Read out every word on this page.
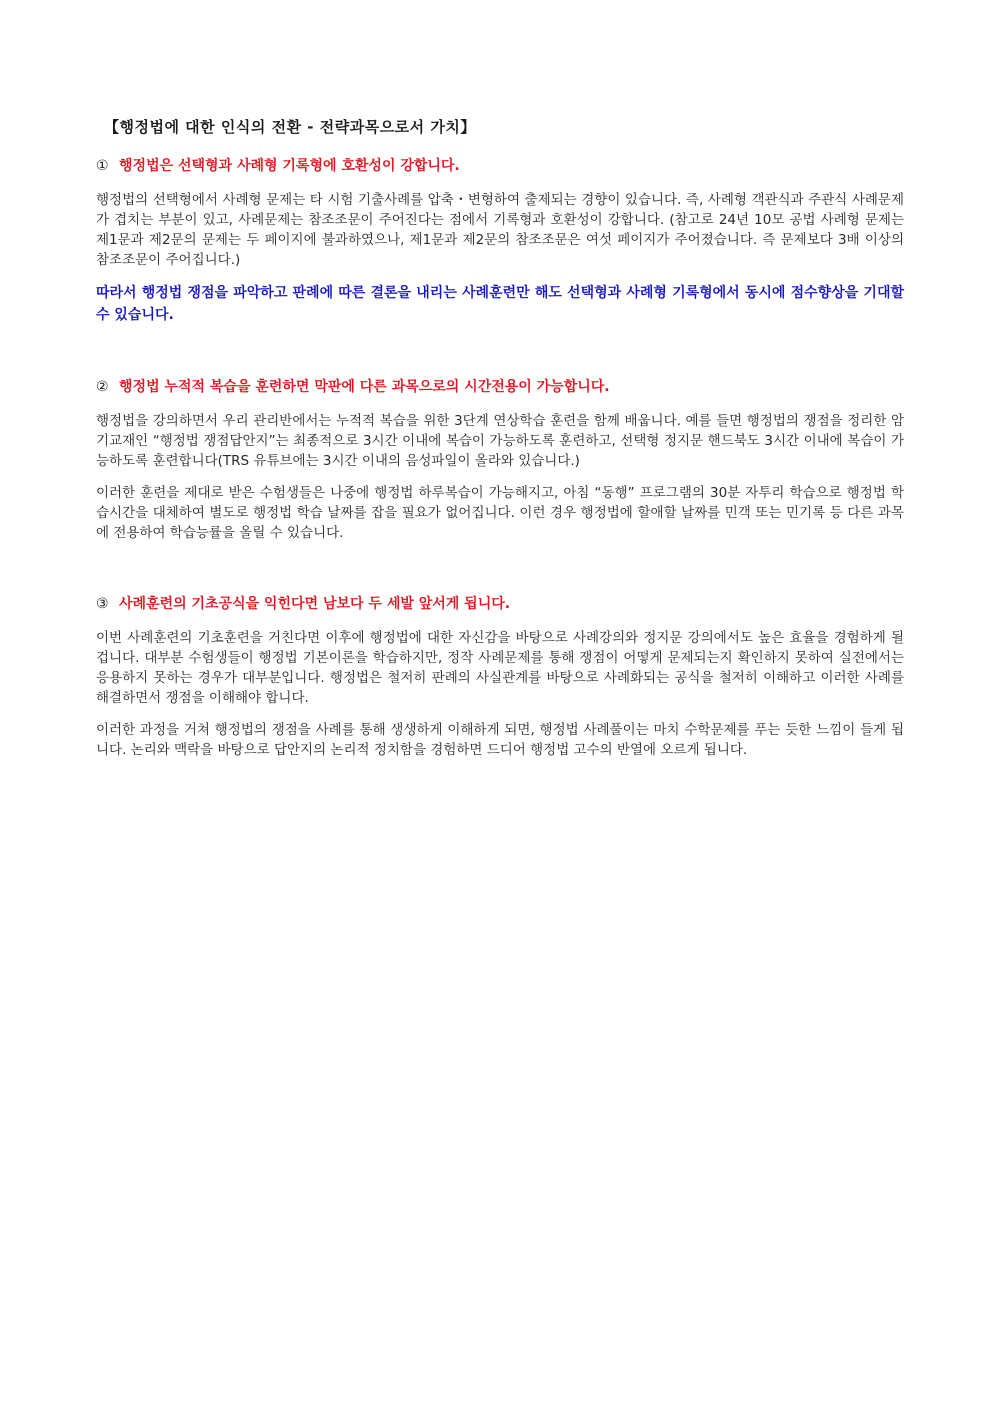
【행정법에 대한 인식의 전환 - 전략과목으로서 가치】
① 행정법은 선택형과 사례형 기록형에 호환성이 강합니다.

행정법의 선택형에서 사례형 문제는 타 시험 기출사례를 압축・변형하여 출제되는 경향이 있습니다. 즉, 사례형 객관식과 주관식 사례문제가 겹치는 부분이 있고, 사례문제는 참조조문이 주어진다는 점에서 기록형과 호환성이 강합니다. (참고로 24년 10모 공법 사례형 문제는 제1문과 제2문의 문제는 두 페이지에 불과하였으나, 제1문과 제2문의 참조조문은 여섯 페이지가 주어졌습니다. 즉 문제보다 3배 이상의 참조조문이 주어집니다.)

따라서 행정법 쟁점을 파악하고 판례에 따른 결론을 내리는 사례훈련만 해도 선택형과 사례형 기록형에서 동시에 점수향상을 기대할 수 있습니다.

② 행정법 누적적 복습을 훈련하면 막판에 다른 과목으로의 시간전용이 가능합니다.

행정법을 강의하면서 우리 관리반에서는 누적적 복습을 위한 3단계 연상학습 훈련을 함께 배웁니다. 예를 들면 행정법의 쟁점을 정리한 암기교재인 “행정법 쟁점답안지”는 최종적으로 3시간 이내에 복습이 가능하도록 훈련하고, 선택형 정지문 핸드북도 3시간 이내에 복습이 가능하도록 훈련합니다(TRS 유튜브에는 3시간 이내의 음성파일이 올라와 있습니다.)

이러한 훈련을 제대로 받은 수험생들은 나중에 행정법 하루복습이 가능해지고, 아침 “동행” 프로그램의 30분 자투리 학습으로 행정법 학습시간을 대체하여 별도로 행정법 학습 날짜를 잡을 필요가 없어집니다. 이런 경우 행정법에 할애할 날짜를 민객 또는 민기록 등 다른 과목에 전용하여 학습능률을 올릴 수 있습니다.

③ 사례훈련의 기초공식을 익힌다면 남보다 두 세발 앞서게 됩니다.

이번 사례훈련의 기초훈련을 거친다면 이후에 행정법에 대한 자신감을 바탕으로 사례강의와 정지문 강의에서도 높은 효율을 경험하게 될 겁니다. 대부분 수험생들이 행정법 기본이론을 학습하지만, 정작 사례문제를 통해 쟁점이 어떻게 문제되는지 확인하지 못하여 실전에서는 응용하지 못하는 경우가 대부분입니다. 행정법은 철저히 판례의 사실관계를 바탕으로 사례화되는 공식을 철저히 이해하고 이러한 사례를 해결하면서 쟁점을 이해해야 합니다.

이러한 과정을 거쳐 행정법의 쟁점을 사례를 통해 생생하게 이해하게 되면, 행정법 사례풀이는 마치 수학문제를 푸는 듯한 느낌이 들게 됩니다. 논리와 맥락을 바탕으로 답안지의 논리적 정치함을 경험하면 드디어 행정법 고수의 반열에 오르게 됩니다.
